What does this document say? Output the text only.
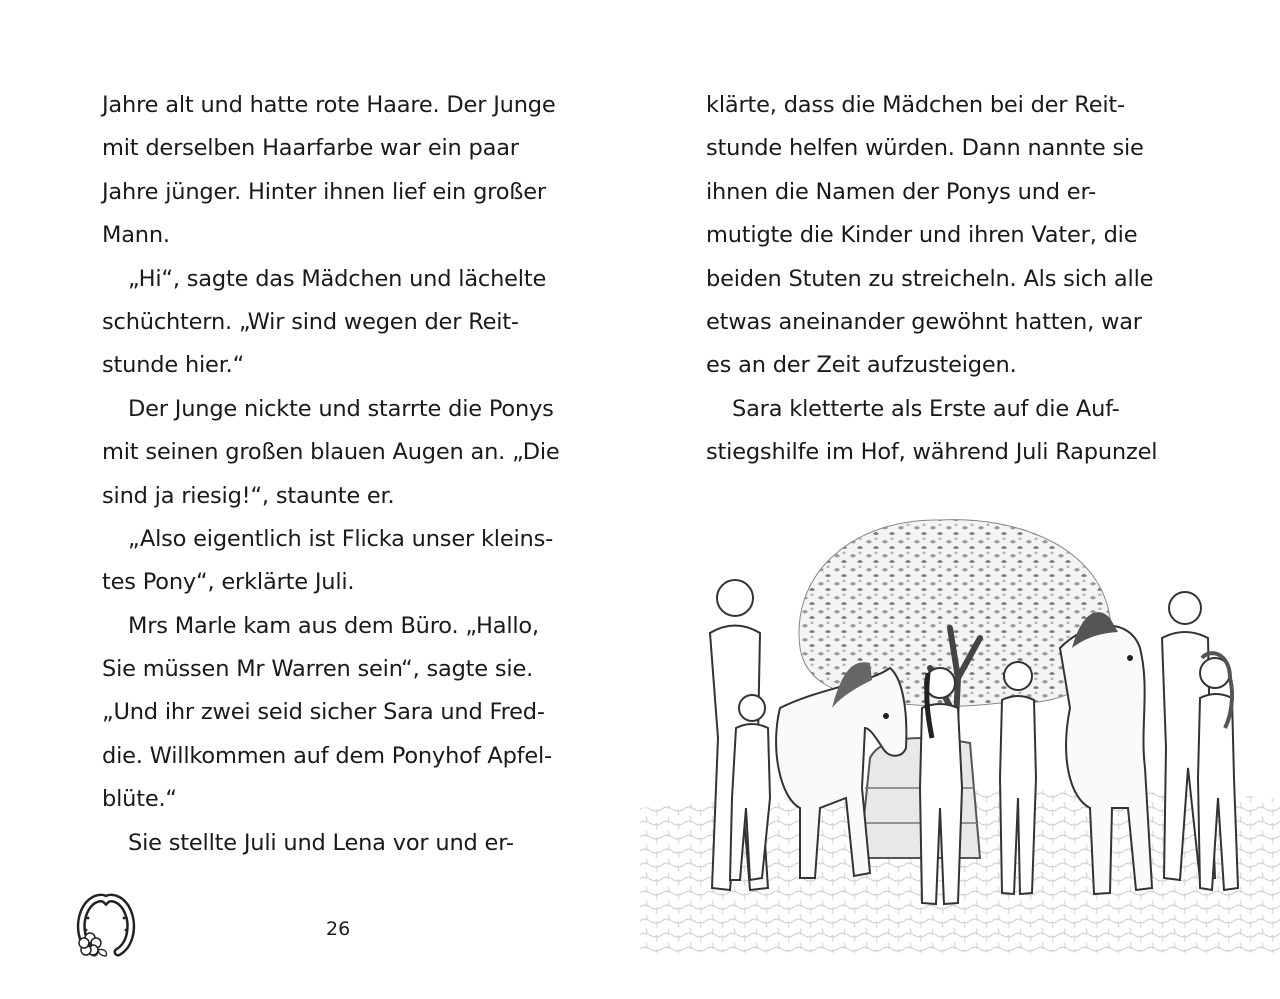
Jahre alt und hatte rote Haare. Der Junge
mit derselben Haarfarbe war ein paar
Jahre jünger. Hinter ihnen lief ein großer
Mann.
„Hi“, sagte das Mädchen und lächelte
schüchtern. „Wir sind wegen der Reit-
stunde hier.“
Der Junge nickte und starrte die Ponys
mit seinen großen blauen Augen an. „Die
sind ja riesig!“, staunte er.
„Also eigentlich ist Flicka unser kleins-
tes Pony“, erklärte Juli.
Mrs Marle kam aus dem Büro. „Hallo,
Sie müssen Mr Warren sein“, sagte sie.
„Und ihr zwei seid sicher Sara und Fred-
die. Willkommen auf dem Ponyhof Apfel-
blüte.“
Sie stellte Juli und Lena vor und er-
klärte, dass die Mädchen bei der Reit-
stunde helfen würden. Dann nannte sie
ihnen die Namen der Ponys und er-
mutigte die Kinder und ihren Vater, die
beiden Stuten zu streicheln. Als sich alle
etwas aneinander gewöhnt hatten, war
es an der Zeit aufzusteigen.
Sara kletterte als Erste auf die Auf-
stiegshilfe im Hof, während Juli Rapunzel
26
